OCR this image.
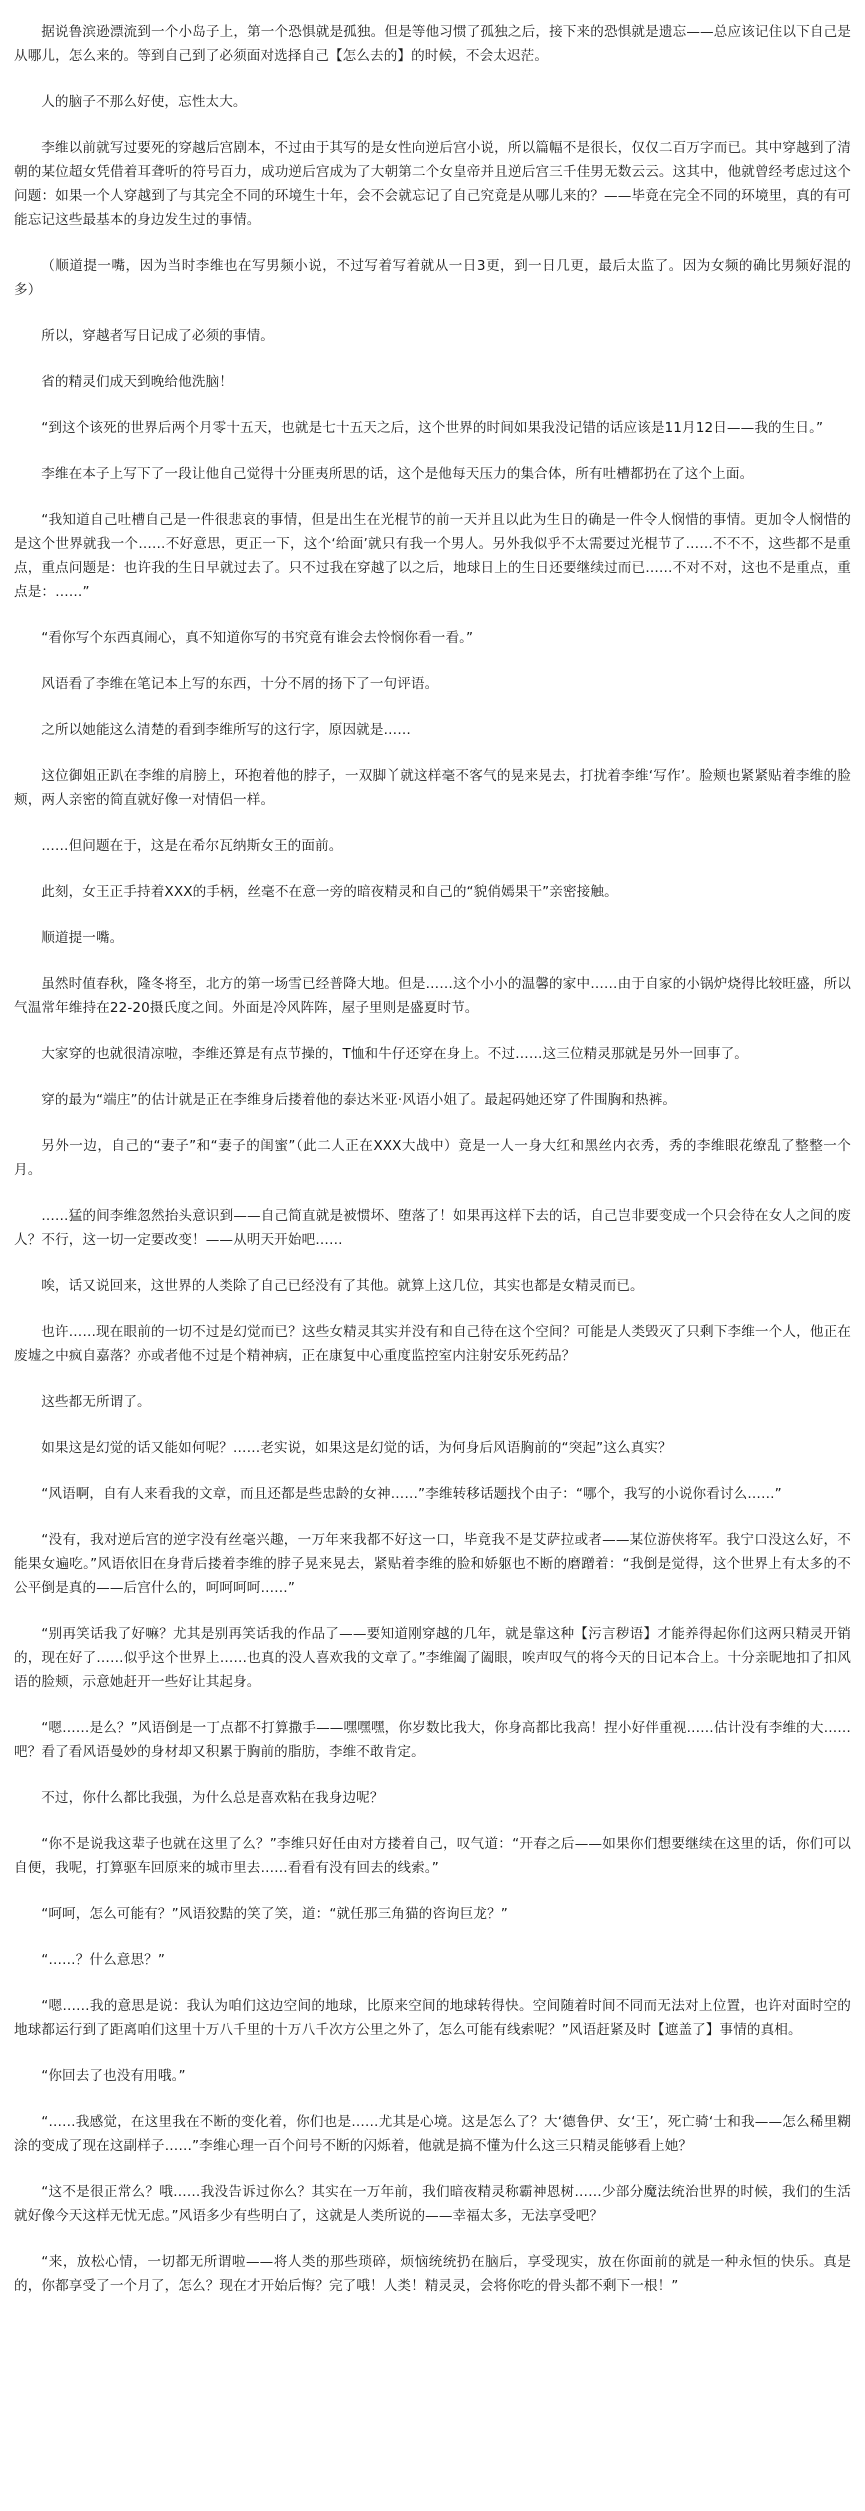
据说鲁滨逊漂流到一个小岛子上，第一个恐惧就是孤独。但是等他习惯了孤独之后，接下来的恐惧就是遗忘——总应该记住以下自己是从哪儿，怎么来的。等到自己到了必须面对选择自己【怎么去的】的时候，不会太迟茫。

人的脑子不那么好使，忘性太大。

李维以前就写过要死的穿越后宫剧本，不过由于其写的是女性向逆后宫小说，所以篇幅不是很长，仅仅二百万字而已。其中穿越到了清朝的某位超女凭借着耳聋听的符号百力，成功逆后宫成为了大朝第二个女皇帝并且逆后宫三千佳男无数云云。这其中，他就曾经考虑过这个问题：如果一个人穿越到了与其完全不同的环境生十年，会不会就忘记了自己究竟是从哪儿来的？——毕竟在完全不同的环境里，真的有可能忘记这些最基本的身边发生过的事情。

（顺道提一嘴，因为当时李维也在写男频小说，不过写着写着就从一日3更，到一日几更，最后太监了。因为女频的确比男频好混的多）

所以，穿越者写日记成了必须的事情。

省的精灵们成天到晚给他洗脑！

“到这个该死的世界后两个月零十五天，也就是七十五天之后，这个世界的时间如果我没记错的话应该是11月12日——我的生日。”

李维在本子上写下了一段让他自己觉得十分匪夷所思的话，这个是他每天压力的集合体，所有吐槽都扔在了这个上面。

“我知道自己吐槽自己是一件很悲哀的事情，但是出生在光棍节的前一天并且以此为生日的确是一件令人悯惜的事情。更加令人悯惜的是这个世界就我一个……不好意思，更正一下，这个‘给面’就只有我一个男人。另外我似乎不太需要过光棍节了……不不不，这些都不是重点，重点问题是：也许我的生日早就过去了。只不过我在穿越了以之后，地球日上的生日还要继续过而已……不对不对，这也不是重点，重点是：……”

“看你写个东西真闹心，真不知道你写的书究竟有谁会去怜悯你看一看。”

风语看了李维在笔记本上写的东西，十分不屑的扬下了一句评语。

之所以她能这么清楚的看到李维所写的这行字，原因就是……

这位御姐正趴在李维的肩膀上，环抱着他的脖子，一双脚丫就这样毫不客气的晃来晃去，打扰着李维‘写作’。脸颊也紧紧贴着李维的脸颊，两人亲密的简直就好像一对情侣一样。

……但问题在于，这是在希尔瓦纳斯女王的面前。

此刻，女王正手持着XXX的手柄，丝毫不在意一旁的暗夜精灵和自己的“貌俏嫣果干”亲密接触。

顺道提一嘴。

虽然时值春秋，隆冬将至，北方的第一场雪已经普降大地。但是……这个小小的温馨的家中……由于自家的小锅炉烧得比较旺盛，所以气温常年维持在22-20摄氏度之间。外面是冷风阵阵，屋子里则是盛夏时节。

大家穿的也就很清凉啦，李维还算是有点节操的，T恤和牛仔还穿在身上。不过……这三位精灵那就是另外一回事了。

穿的最为“端庄”的估计就是正在李维身后搂着他的泰达米亚·风语小姐了。最起码她还穿了件围胸和热裤。

另外一边，自己的“妻子”和“妻子的闺蜜”（此二人正在XXX大战中）竟是一人一身大红和黑丝内衣秀，秀的李维眼花缭乱了整整一个月。

……猛的间李维忽然抬头意识到——自己简直就是被惯坏、堕落了！如果再这样下去的话，自己岂非要变成一个只会待在女人之间的废人？不行，这一切一定要改变！——从明天开始吧……

唉，话又说回来，这世界的人类除了自己已经没有了其他。就算上这几位，其实也都是女精灵而已。

也许……现在眼前的一切不过是幻觉而已？这些女精灵其实并没有和自己待在这个空间？可能是人类毁灭了只剩下李维一个人，他正在废墟之中疯自嘉落？亦或者他不过是个精神病，正在康复中心重度监控室内注射安乐死药品？

这些都无所谓了。

如果这是幻觉的话又能如何呢？……老实说，如果这是幻觉的话，为何身后风语胸前的“突起”这么真实？

“风语啊，自有人来看我的文章，而且还都是些忠龄的女神……”李维转移话题找个由子：“哪个，我写的小说你看讨么……”

“没有，我对逆后宫的逆字没有丝毫兴趣，一万年来我都不好这一口，毕竟我不是艾萨拉或者——某位游侠将军。我宁口没这么好，不能果女遍吃。”风语依旧在身背后搂着李维的脖子晃来晃去，紧贴着李维的脸和娇躯也不断的磨蹭着：“我倒是觉得，这个世界上有太多的不公平倒是真的——后宫什么的，呵呵呵呵……”

“别再笑话我了好嘛？尤其是别再笑话我的作品了——要知道刚穿越的几年，就是靠这种【污言秽语】才能养得起你们这两只精灵开销的，现在好了……似乎这个世界上……也真的没人喜欢我的文章了。”李维阖了阖眼，唉声叹气的将今天的日记本合上。十分亲昵地扣了扣风语的脸颊，示意她赶开一些好让其起身。

“嗯……是么？”风语倒是一丁点都不打算撒手——嘿嘿嘿，你岁数比我大，你身高都比我高！捏小好伴重视……估计没有李维的大……吧？看了看风语曼妙的身材却又积累于胸前的脂肪，李维不敢肯定。

不过，你什么都比我强，为什么总是喜欢粘在我身边呢？

“你不是说我这辈子也就在这里了么？”李维只好任由对方搂着自己，叹气道：“开春之后——如果你们想要继续在这里的话，你们可以自便，我呢，打算驱车回原来的城市里去……看看有没有回去的线索。”

“呵呵，怎么可能有？”风语狡黠的笑了笑，道：“就任那三角猫的咨询巨龙？”

“……？什么意思？”

“嗯……我的意思是说：我认为咱们这边空间的地球，比原来空间的地球转得快。空间随着时间不同而无法对上位置，也许对面时空的地球都运行到了距离咱们这里十万八千里的十万八千次方公里之外了，怎么可能有线索呢？”风语赶紧及时【遮盖了】事情的真相。

“你回去了也没有用哦。”

“……我感觉，在这里我在不断的变化着，你们也是……尤其是心境。这是怎么了？大‘德鲁伊、女‘王’，死亡骑‘士和我——怎么稀里糊涂的变成了现在这副样子……”李维心理一百个问号不断的闪烁着，他就是搞不懂为什么这三只精灵能够看上她？

“这不是很正常么？哦……我没告诉过你么？其实在一万年前，我们暗夜精灵称霸神恩树……少部分魔法统治世界的时候，我们的生活就好像今天这样无忧无虑。”风语多少有些明白了，这就是人类所说的——幸福太多，无法享受吧？

“来，放松心情，一切都无所谓啦——将人类的那些琐碎，烦恼统统扔在脑后，享受现实，放在你面前的就是一种永恒的快乐。真是的，你都享受了一个月了，怎么？现在才开始后悔？完了哦！人类！精灵灵，会将你吃的骨头都不剩下一根！”
